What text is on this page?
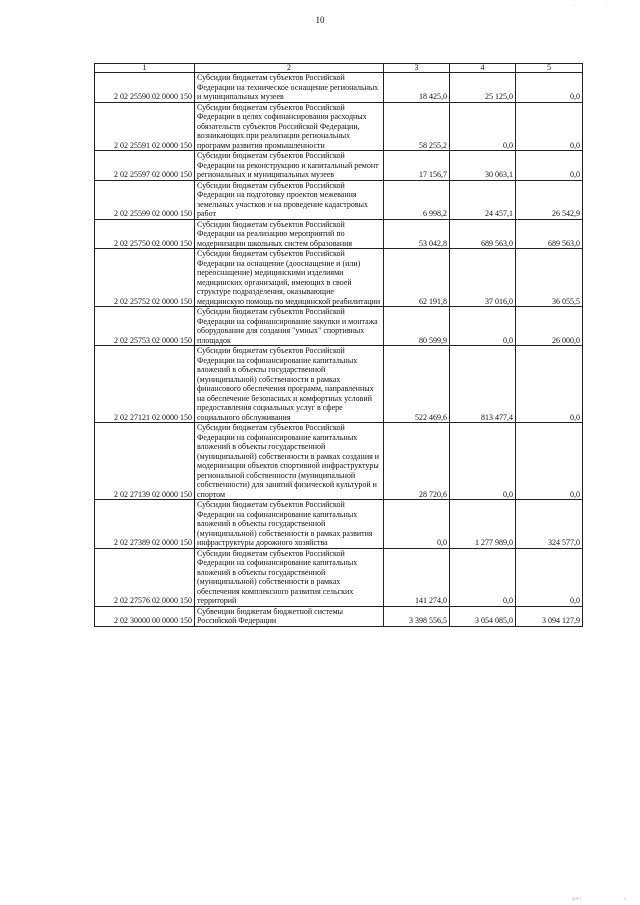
10
...	...
(2 8 )	1
1	2	3	4	5
2 02 25590 02 0000 150	Субсидии бюджетам субъектов Российской Федерации на техническое оснащение региональных и муниципальных музеев	18 425,0	25 125,0	0,0
2 02 25591 02 0000 150	Субсидии бюджетам субъектов Российской Федерации в целях софинансирования расходных обязательств субъектов Российской Федерации, возникающих при реализации региональных программ развития промышленности	58 255,2	0,0	0,0
2 02 25597 02 0000 150	Субсидии бюджетам субъектов Российской Федерации на реконструкцию и капитальный ремонт региональных и муниципальных музеев	17 156,7	30 063,1	0,0
2 02 25599 02 0000 150	Субсидии бюджетам субъектов Российской Федерации на подготовку проектов межевания земельных участков и на проведение кадастровых работ	6 998,2	24 457,1	26 542,9
2 02 25750 02 0000 150	Субсидии бюджетам субъектов Российской Федерации на реализацию мероприятий по модернизации школьных систем образования	53 042,8	689 563,0	689 563,0
2 02 25752 02 0000 150	Субсидии бюджетам субъектов Российской Федерации на оснащение (дооснащение и (или) переоснащение) медицинскими изделиями медицинских организаций, имеющих в своей структуре подразделения, оказывающие медицинскую помощь по медицинской реабилитации	62 191,8	37 016,0	36 055,5
2 02 25753 02 0000 150	Субсидии бюджетам субъектов Российской Федерации на софинансирование закупки и монтажа оборудования для создания "умных" спортивных площадок	80 599,9	0,0	26 000,0
2 02 27121 02 0000 150	Субсидии бюджетам субъектов Российской Федерации на софинансирование капитальных вложений в объекты государственной (муниципальной) собственности в рамках финансового обеспечения программ, направленных на обеспечение безопасных и комфортных условий предоставления социальных услуг в сфере социального обслуживания	522 469,6	813 477,4	0,0
2 02 27139 02 0000 150	Субсидии бюджетам субъектов Российской Федерации на софинансирование капитальных вложений в объекты государственной (муниципальной) собственности в рамках создания и модернизации объектов спортивной инфраструктуры региональной собственности (муниципальной собственности) для занятий физической культурой и спортом	28 720,6	0,0	0,0
2 02 27389 02 0000 150	Субсидии бюджетам субъектов Российской Федерации на софинансирование капитальных вложений в объекты государственной (муниципальной) собственности в рамках развития инфраструктуры дорожного хозяйства	0,0	1 277 989,0	324 577,0
2 02 27576 02 0000 150	Субсидии бюджетам субъектов Российской Федерации на софинансирование капитальных вложений в объекты государственной (муниципальной) собственности в рамках обеспечения комплексного развития сельских территорий	141 274,0	0,0	0,0
2 02 30000 00 0000 150	Субвенции бюджетам бюджетной системы Российской Федерации	3 398 556,5	3 054 085,0	3 094 127,9
